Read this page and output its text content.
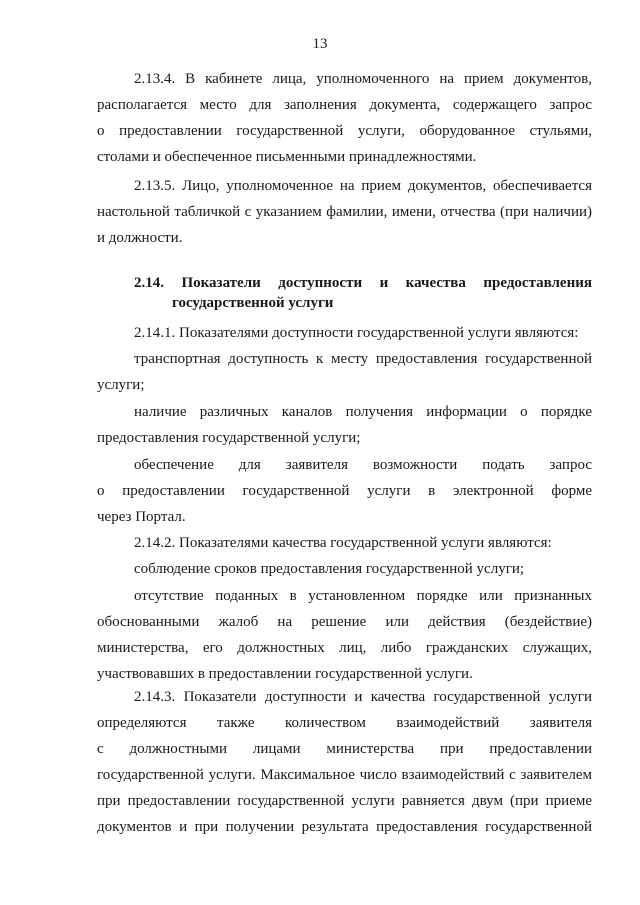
13
2.13.4. В кабинете лица, уполномоченного на прием документов,
располагается место для заполнения документа, содержащего запрос
о предоставлении государственной услуги, оборудованное стульями,
столами и обеспеченное письменными принадлежностями.
2.13.5. Лицо, уполномоченное на прием документов, обеспечивается
настольной табличкой с указанием фамилии, имени, отчества (при наличии)
и должности.
2.14. Показатели доступности и качества предоставления
государственной услуги
2.14.1. Показателями доступности государственной услуги являются:
транспортная доступность к месту предоставления государственной
услуги;
наличие различных каналов получения информации о порядке
предоставления государственной услуги;
обеспечение для заявителя возможности подать запрос
о предоставлении государственной услуги в электронной форме
через Портал.
2.14.2. Показателями качества государственной услуги являются:
соблюдение сроков предоставления государственной услуги;
отсутствие поданных в установленном порядке или признанных
обоснованными жалоб на решение или действия (бездействие)
министерства, его должностных лиц, либо гражданских служащих,
участвовавших в предоставлении государственной услуги.
2.14.3. Показатели доступности и качества государственной услуги
определяются также количеством взаимодействий заявителя
с должностными лицами министерства при предоставлении
государственной услуги. Максимальное число взаимодействий с заявителем
при предоставлении государственной услуги равняется двум (при приеме
документов и при получении результата предоставления государственной
